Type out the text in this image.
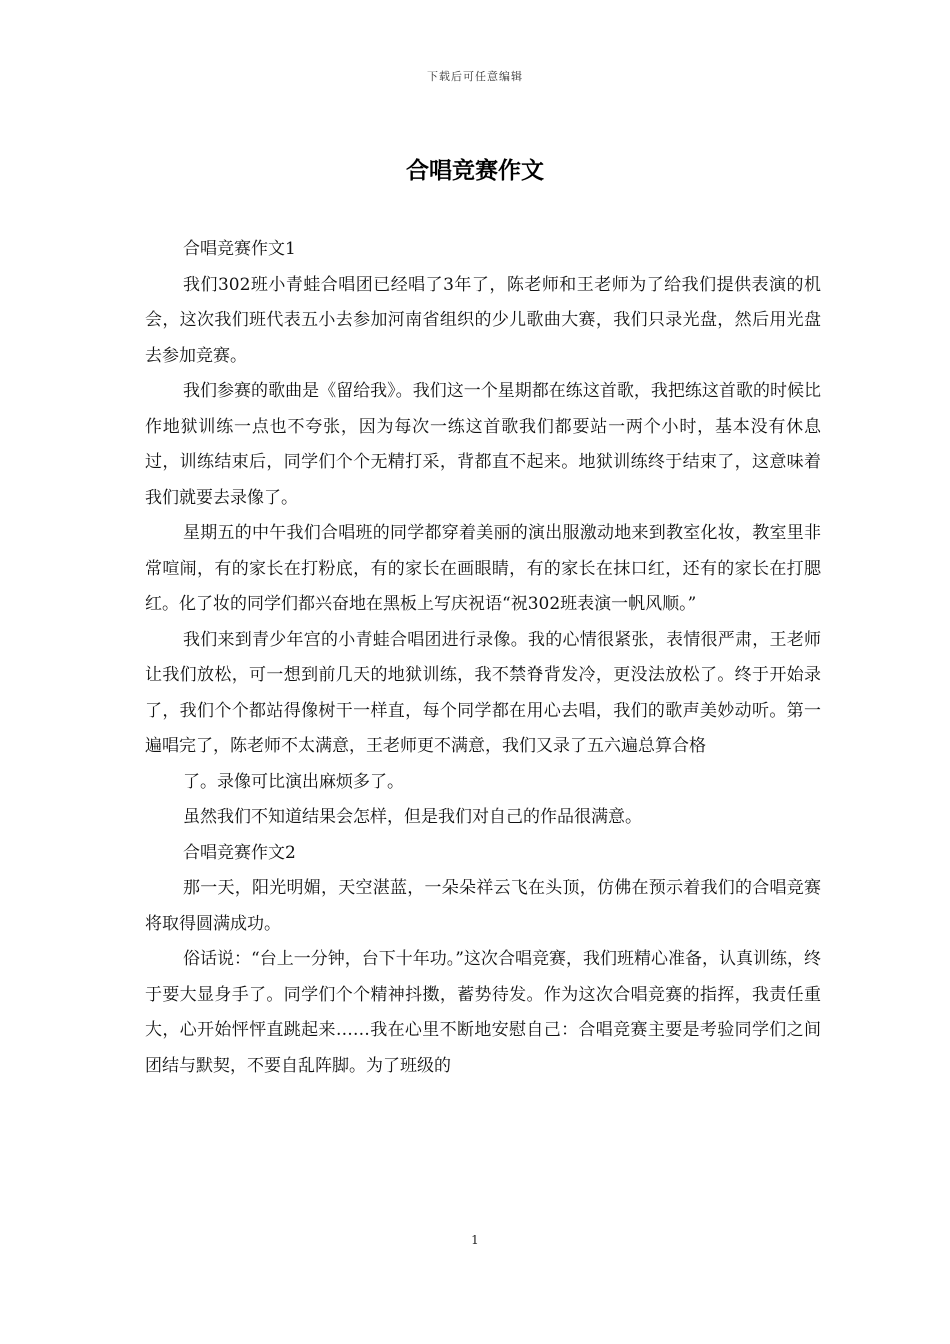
下载后可任意编辑
合唱竞赛作文

合唱竞赛作文1

我们302班小青蛙合唱团已经唱了3年了，陈老师和王老师为了给我们提供表演的机会，这次我们班代表五小去参加河南省组织的少儿歌曲大赛，我们只录光盘，然后用光盘去参加竞赛。

我们参赛的歌曲是《留给我》。我们这一个星期都在练这首歌，我把练这首歌的时候比作地狱训练一点也不夸张，因为每次一练这首歌我们都要站一两个小时，基本没有休息过，训练结束后，同学们个个无精打采，背都直不起来。地狱训练终于结束了，这意味着我们就要去录像了。

星期五的中午我们合唱班的同学都穿着美丽的演出服激动地来到教室化妆，教室里非常喧闹，有的家长在打粉底，有的家长在画眼睛，有的家长在抹口红，还有的家长在打腮红。化了妆的同学们都兴奋地在黑板上写庆祝语“祝302班表演一帆风顺。”

我们来到青少年宫的小青蛙合唱团进行录像。我的心情很紧张，表情很严肃，王老师让我们放松，可一想到前几天的地狱训练，我不禁脊背发冷，更没法放松了。终于开始录了，我们个个都站得像树干一样直，每个同学都在用心去唱，我们的歌声美妙动听。第一遍唱完了，陈老师不太满意，王老师更不满意，我们又录了五六遍总算合格

了。录像可比演出麻烦多了。

虽然我们不知道结果会怎样，但是我们对自己的作品很满意。

合唱竞赛作文2

那一天，阳光明媚，天空湛蓝，一朵朵祥云飞在头顶，仿佛在预示着我们的合唱竞赛将取得圆满成功。

俗话说：“台上一分钟，台下十年功。”这次合唱竞赛，我们班精心准备，认真训练，终于要大显身手了。同学们个个精神抖擞，蓄势待发。作为这次合唱竞赛的指挥，我责任重大，心开始怦怦直跳起来……我在心里不断地安慰自己：合唱竞赛主要是考验同学们之间团结与默契，不要自乱阵脚。为了班级的

1
